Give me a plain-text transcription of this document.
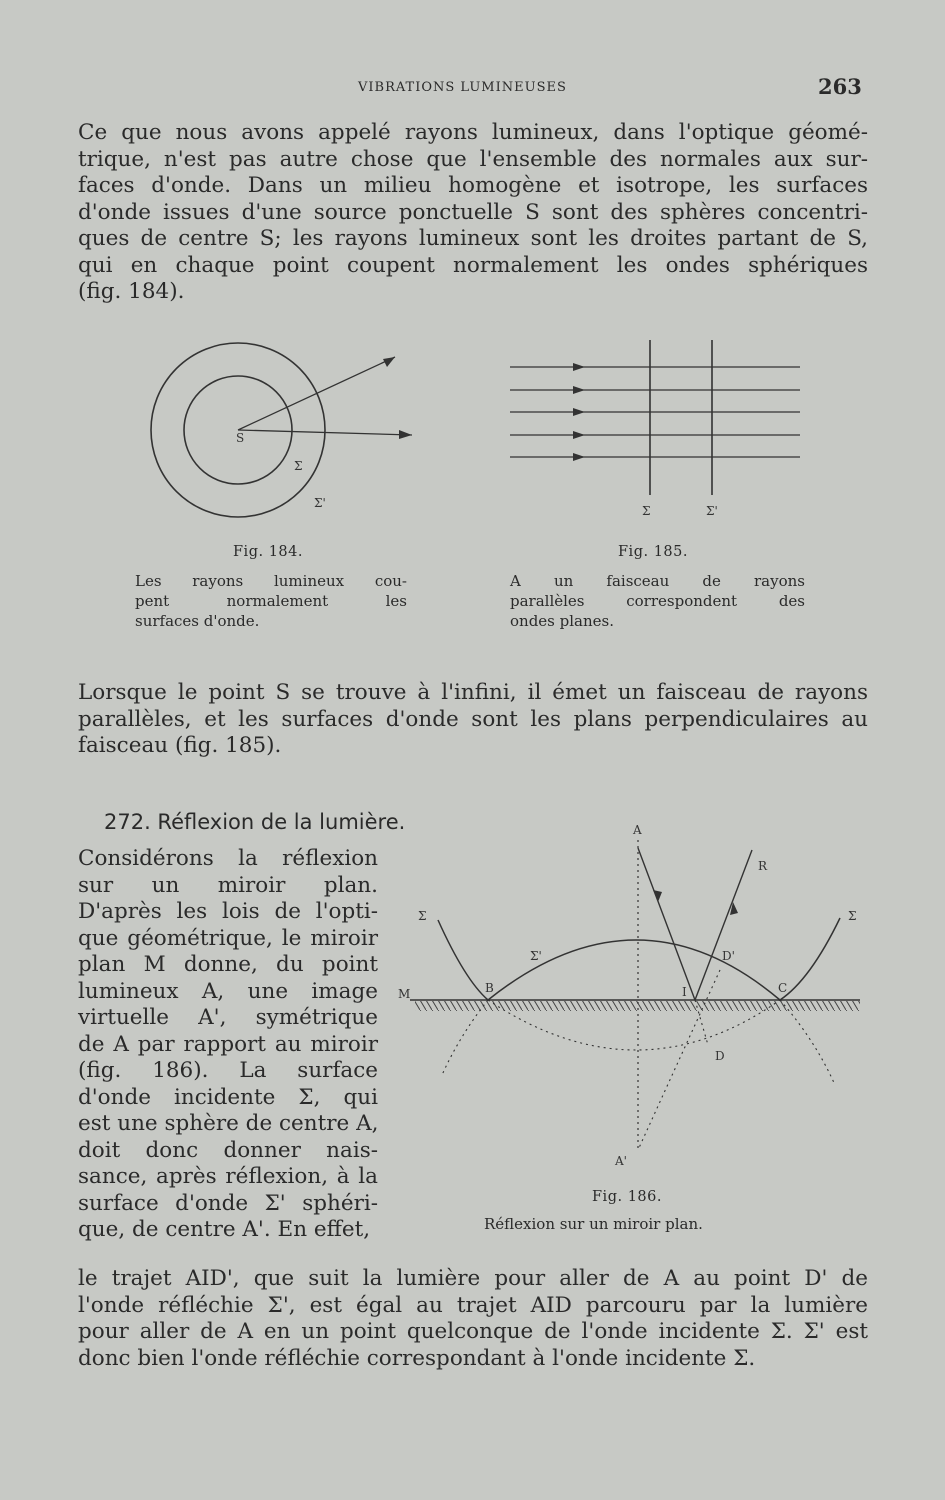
VIBRATIONS LUMINEUSES	263
Ce que nous avons appelé rayons lumineux, dans l'optique géomé-
trique, n'est pas autre chose que l'ensemble des normales aux sur-
faces d'onde. Dans un milieu homogène et isotrope, les surfaces
d'onde issues d'une source ponctuelle S sont des sphères concentri-
ques de centre S; les rayons lumineux sont les droites partant de S,
qui en chaque point coupent normalement les ondes sphériques
(fig. 184).
S
Σ
Σ'
Fig. 184.
Les rayons lumineux cou-
pent normalement les
surfaces d'onde.
Σ	Σ'
Fig. 185.
A un faisceau de rayons
parallèles correspondent des
ondes planes.
Lorsque le point S se trouve à l'infini, il émet un faisceau de rayons
parallèles, et les surfaces d'onde sont les plans perpendiculaires au
faisceau (fig. 185).
272. Réflexion de la lumière.
Considérons la réflexion
sur un miroir plan.
D'après les lois de l'opti-
que géométrique, le miroir
plan M donne, du point
lumineux A, une image
virtuelle A', symétrique
de A par rapport au miroir
(fig. 186). La surface
d'onde incidente Σ, qui
est une sphère de centre A,
doit donc donner nais-
sance, après réflexion, à la
surface d'onde Σ' sphéri-
que, de centre A'. En effet,
A
R
Σ	Σ
Σ'	D'
M	B	I	C
D
A'
Fig. 186.
Réflexion sur un miroir plan.
le trajet AID', que suit la lumière pour aller de A au point D' de
l'onde réfléchie Σ', est égal au trajet AID parcouru par la lumière
pour aller de A en un point quelconque de l'onde incidente Σ. Σ' est
donc bien l'onde réfléchie correspondant à l'onde incidente Σ.
